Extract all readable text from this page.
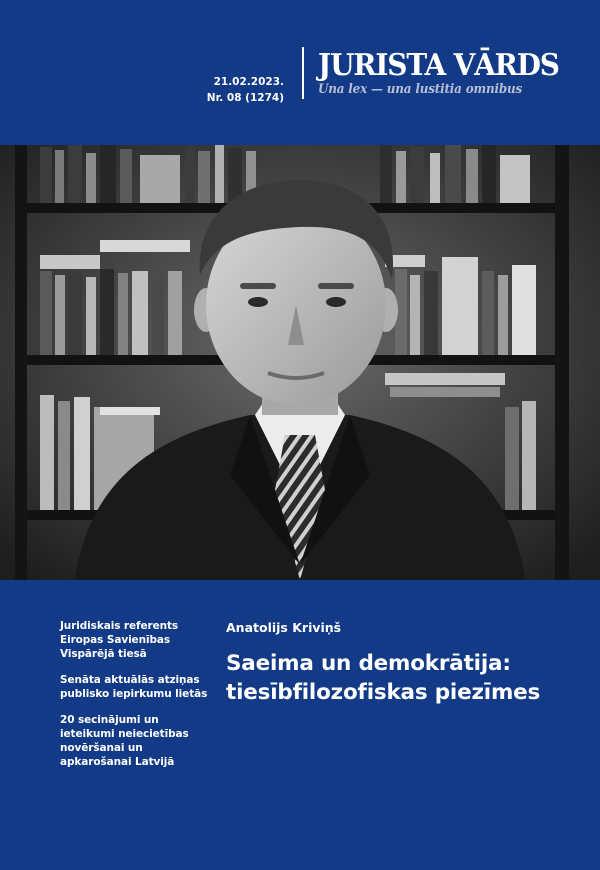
21.02.2023.
Nr. 08 (1274)
JURISTA VĀRDS
Una lex — una lustitia omnibus
Juridiskais referents Eiropas Savienības Vispārējā tiesā
Senāta aktuālās atziņas publisko iepirkumu lietās
20 secinājumi un ieteikumi neiecietības novēršanai un apkarošanai Latvijā
Anatolijs Kriviņš
Saeima un demokrātija: tiesībfilozofiskas piezīmes
